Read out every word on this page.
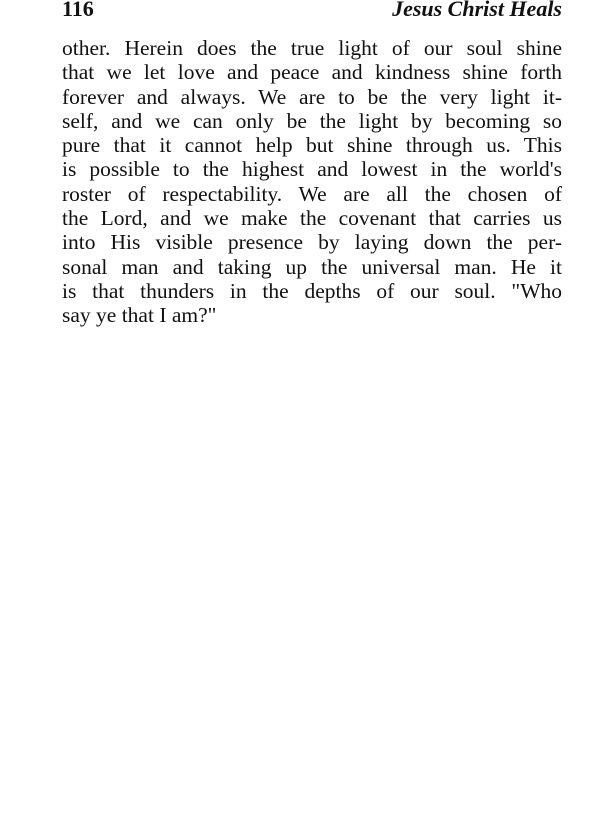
116	Jesus Christ Heals

other. Herein does the true light of our soul shine
that we let love and peace and kindness shine forth
forever and always. We are to be the very light it-
self, and we can only be the light by becoming so
pure that it cannot help but shine through us. This
is possible to the highest and lowest in the world's
roster of respectability. We are all the chosen of
the Lord, and we make the covenant that carries us
into His visible presence by laying down the per-
sonal man and taking up the universal man. He it
is that thunders in the depths of our soul. "Who
say ye that I am?"
